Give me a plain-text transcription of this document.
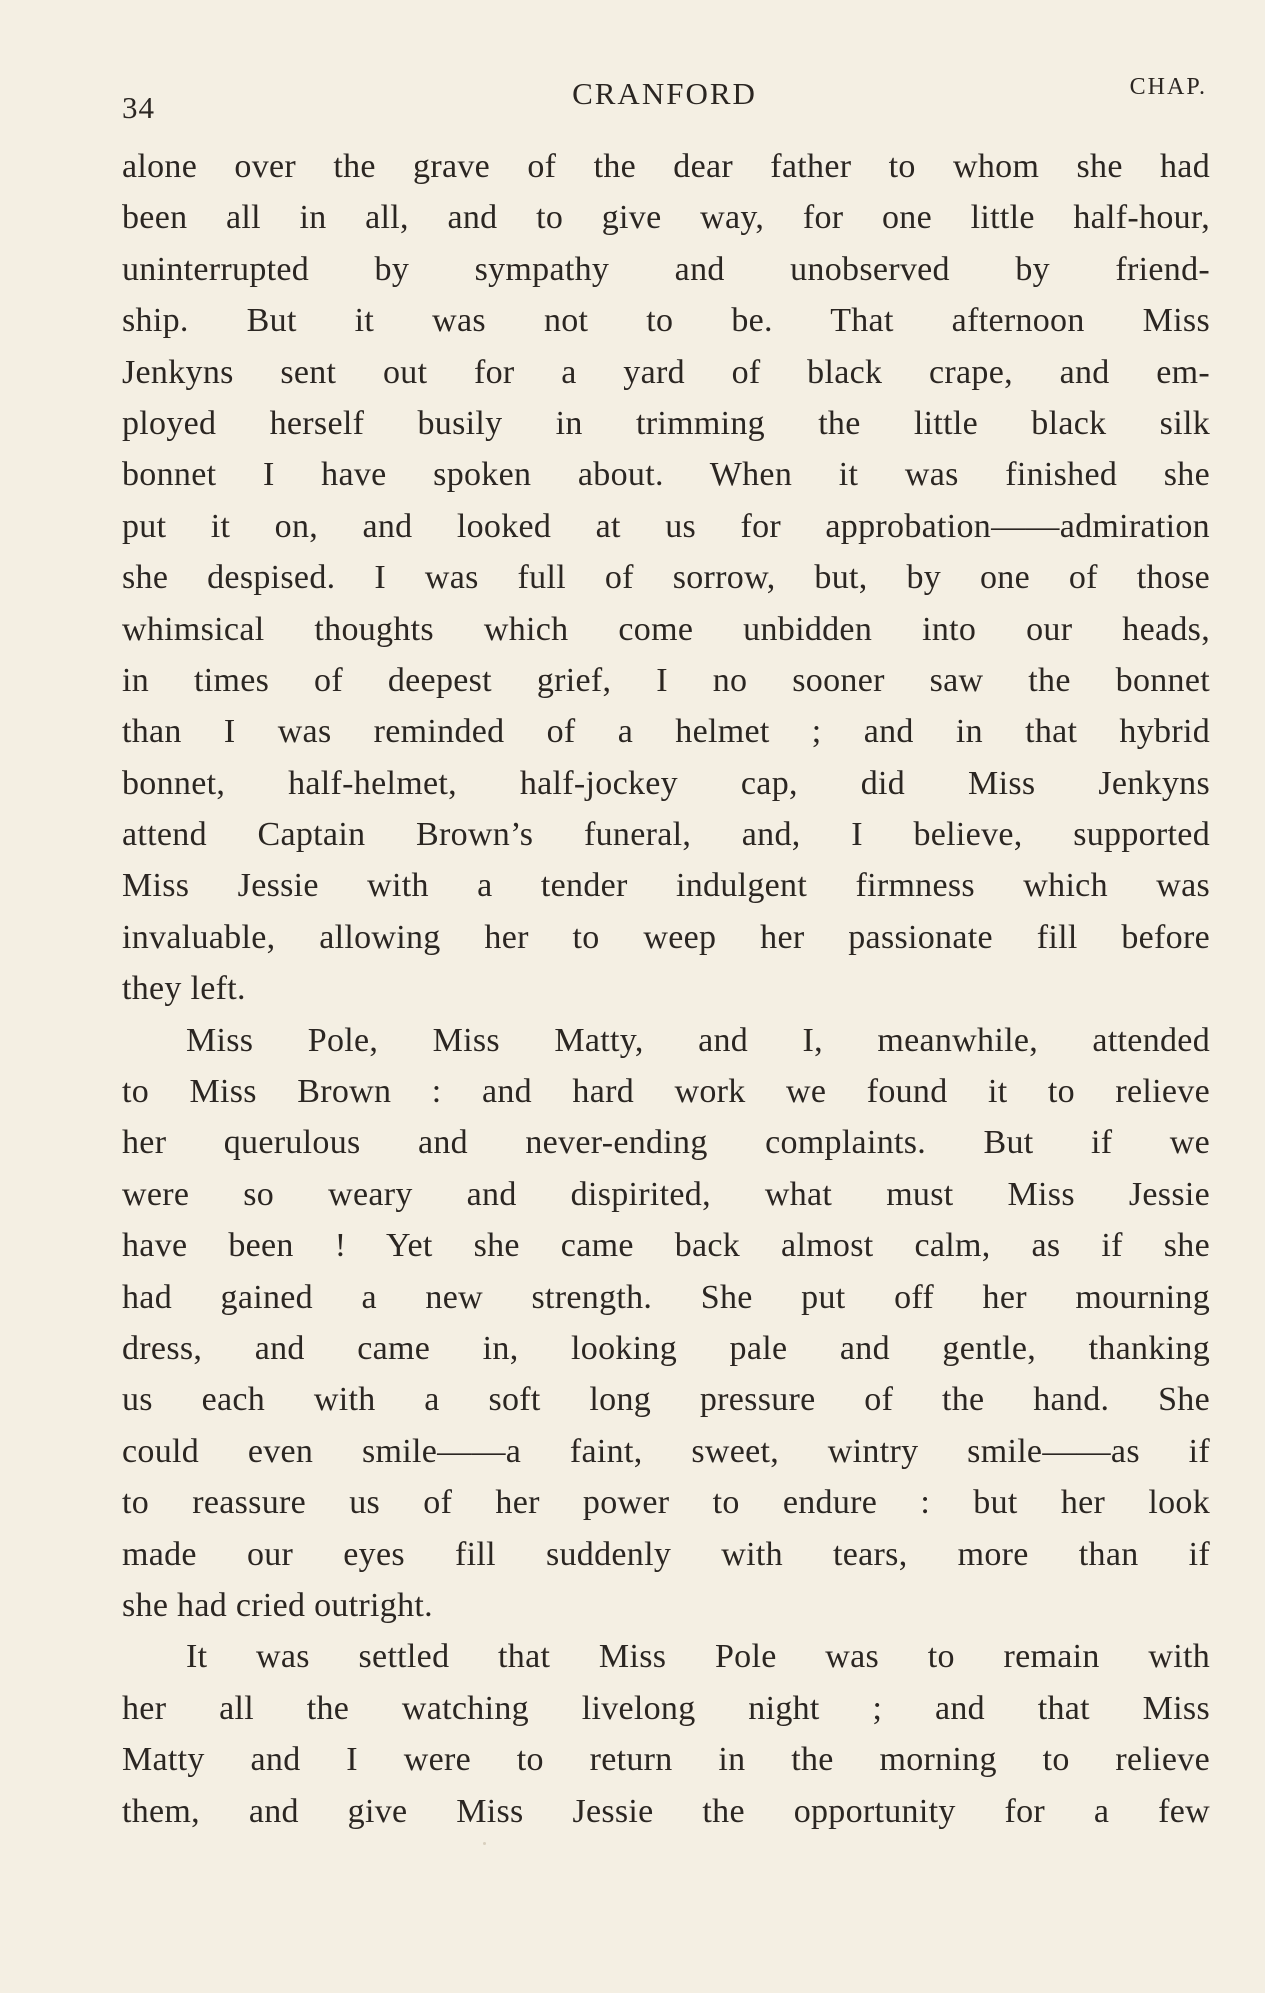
34	CRANFORD	CHAP.
alone over the grave of the dear father to whom she had
been all in all, and to give way, for one little half-hour,
uninterrupted by sympathy and unobserved by friend-
ship. But it was not to be. That afternoon Miss
Jenkyns sent out for a yard of black crape, and em-
ployed herself busily in trimming the little black silk
bonnet I have spoken about. When it was finished she
put it on, and looked at us for approbation——admiration
she despised. I was full of sorrow, but, by one of those
whimsical thoughts which come unbidden into our heads,
in times of deepest grief, I no sooner saw the bonnet
than I was reminded of a helmet ; and in that hybrid
bonnet, half-helmet, half-jockey cap, did Miss Jenkyns
attend Captain Brown’s funeral, and, I believe, supported
Miss Jessie with a tender indulgent firmness which was
invaluable, allowing her to weep her passionate fill before
they left.
Miss Pole, Miss Matty, and I, meanwhile, attended
to Miss Brown : and hard work we found it to relieve
her querulous and never-ending complaints. But if we
were so weary and dispirited, what must Miss Jessie
have been ! Yet she came back almost calm, as if she
had gained a new strength. She put off her mourning
dress, and came in, looking pale and gentle, thanking
us each with a soft long pressure of the hand. She
could even smile——a faint, sweet, wintry smile——as if
to reassure us of her power to endure : but her look
made our eyes fill suddenly with tears, more than if
she had cried outright.
It was settled that Miss Pole was to remain with
her all the watching livelong night ; and that Miss
Matty and I were to return in the morning to relieve
them, and give Miss Jessie the opportunity for a few
